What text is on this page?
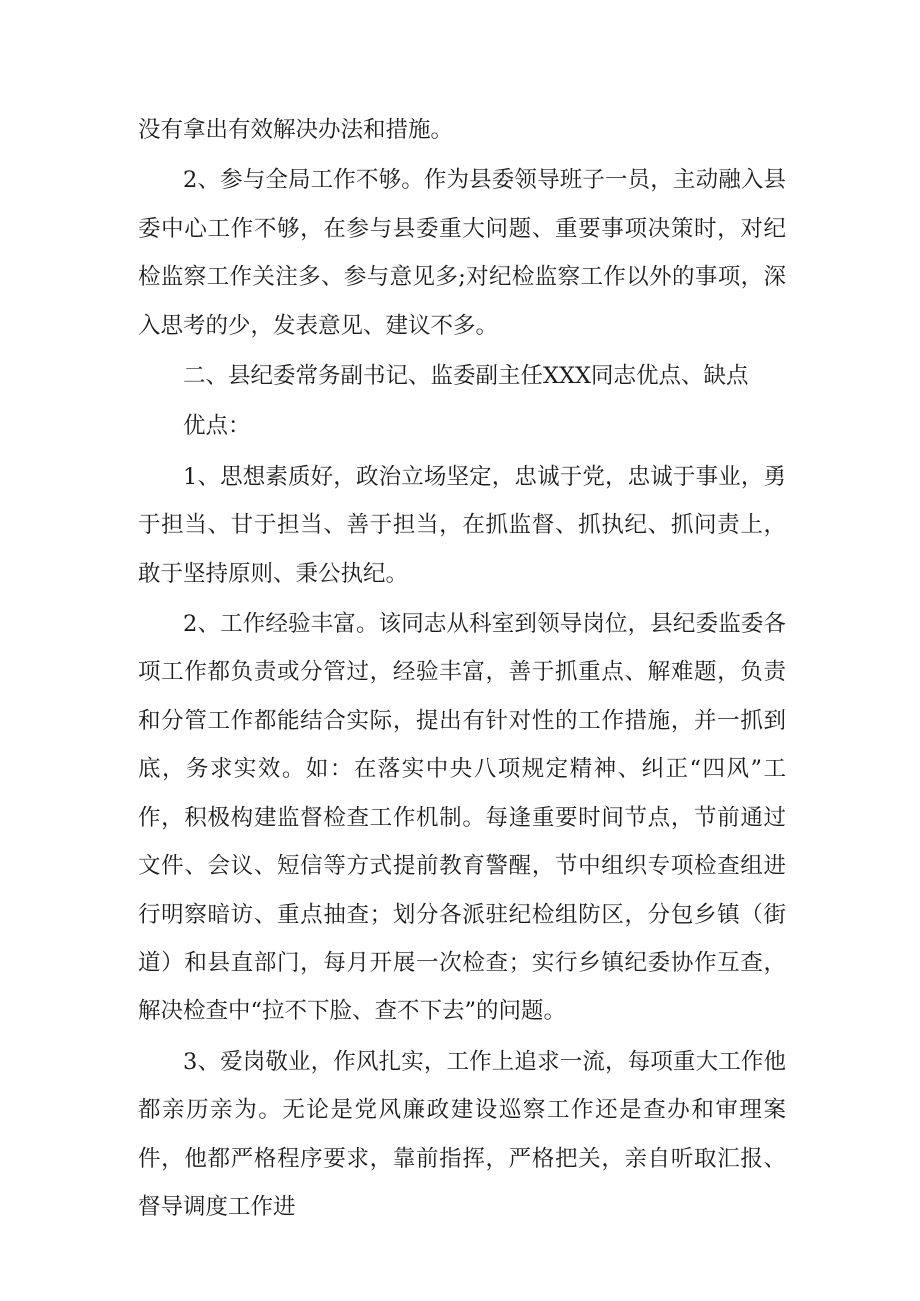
没有拿出有效解决办法和措施。

2、参与全局工作不够。作为县委领导班子一员，主动融入县委中心工作不够，在参与县委重大问题、重要事项决策时，对纪检监察工作关注多、参与意见多;对纪检监察工作以外的事项，深入思考的少，发表意见、建议不多。

二、县纪委常务副书记、监委副主任XXX同志优点、缺点

优点：

1、思想素质好，政治立场坚定，忠诚于党，忠诚于事业，勇于担当、甘于担当、善于担当，在抓监督、抓执纪、抓问责上，敢于坚持原则、秉公执纪。

2、工作经验丰富。该同志从科室到领导岗位，县纪委监委各项工作都负责或分管过，经验丰富，善于抓重点、解难题，负责和分管工作都能结合实际，提出有针对性的工作措施，并一抓到底，务求实效。如：在落实中央八项规定精神、纠正“四风”工作，积极构建监督检查工作机制。每逢重要时间节点，节前通过文件、会议、短信等方式提前教育警醒，节中组织专项检查组进行明察暗访、重点抽查；划分各派驻纪检组防区，分包乡镇（街道）和县直部门，每月开展一次检查；实行乡镇纪委协作互查，解决检查中“拉不下脸、查不下去”的问题。

3、爱岗敬业，作风扎实，工作上追求一流，每项重大工作他都亲历亲为。无论是党风廉政建设巡察工作还是查办和审理案件，他都严格程序要求，靠前指挥，严格把关，亲自听取汇报、督导调度工作进
